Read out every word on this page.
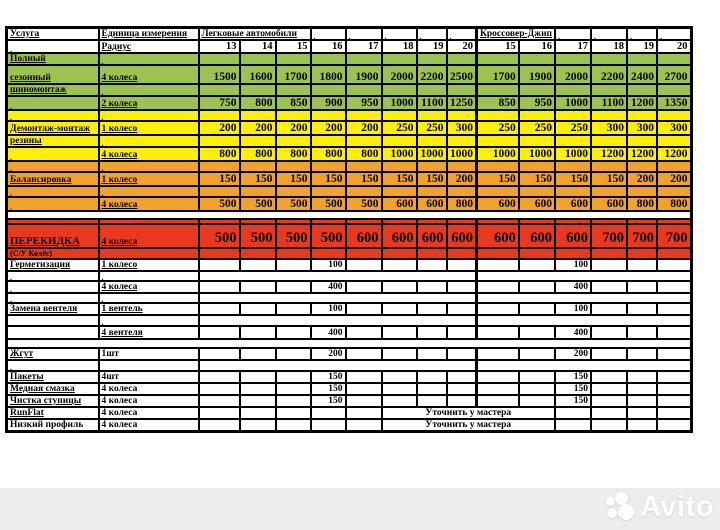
Услуга	Единица измерения	Легковые автомобили			.	.	.	.	.	Кроссовер-Джип		.	.	.	.
.	Радиус	13	14	15	16	17	18	19	20	15	16	17	18	19	20
Полный	.														
сезонный	4 колеса	1500	1600	1700	1800	1900	2000	2200	2500	1700	1900	2000	2200	2400	2700
шиномонтаж	.														
.	2 колеса	750	800	850	900	950	1000	1100	1250	850	950	1000	1100	1200	1350
.	.														
Демонтаж-монтаж	1 колесо	200	200	200	200	200	250	250	300	250	250	250	300	300	300
резины	.														
.	4 колеса	800	800	800	800	800	1000	1000	1000	1000	1000	1000	1200	1200	1200
.	.														
Балансировка	1 колесо	150	150	150	150	150	150	150	200	150	150	150	150	200	200
.	.														
.	4 колеса	500	500	500	500	500	600	600	800	600	600	600	600	800	800

ПЕРЕКИДКА	4 колеса	500	500	500	500	600	600	600	600	600	600	600	700	700	700
(С/У Колёс)															
Герметизация	1 колесо				100							100			
.	.														
.	4 колеса				400							400			
.	.														
Замена вентеля	1 вентель				100							100			
	.														
	4 вентеля				400							400			

Жгут	1шт				200							200			
.															
Пакеты	4шт				150							150			
Медная смазка	4 колеса				150							150			
Чистка ступицы	4 колеса				150							150			
RunFlat	4 колеса						Уточнить у мастера								
Низкий профиль	4 колеса						Уточнить у мастера								
Avito
